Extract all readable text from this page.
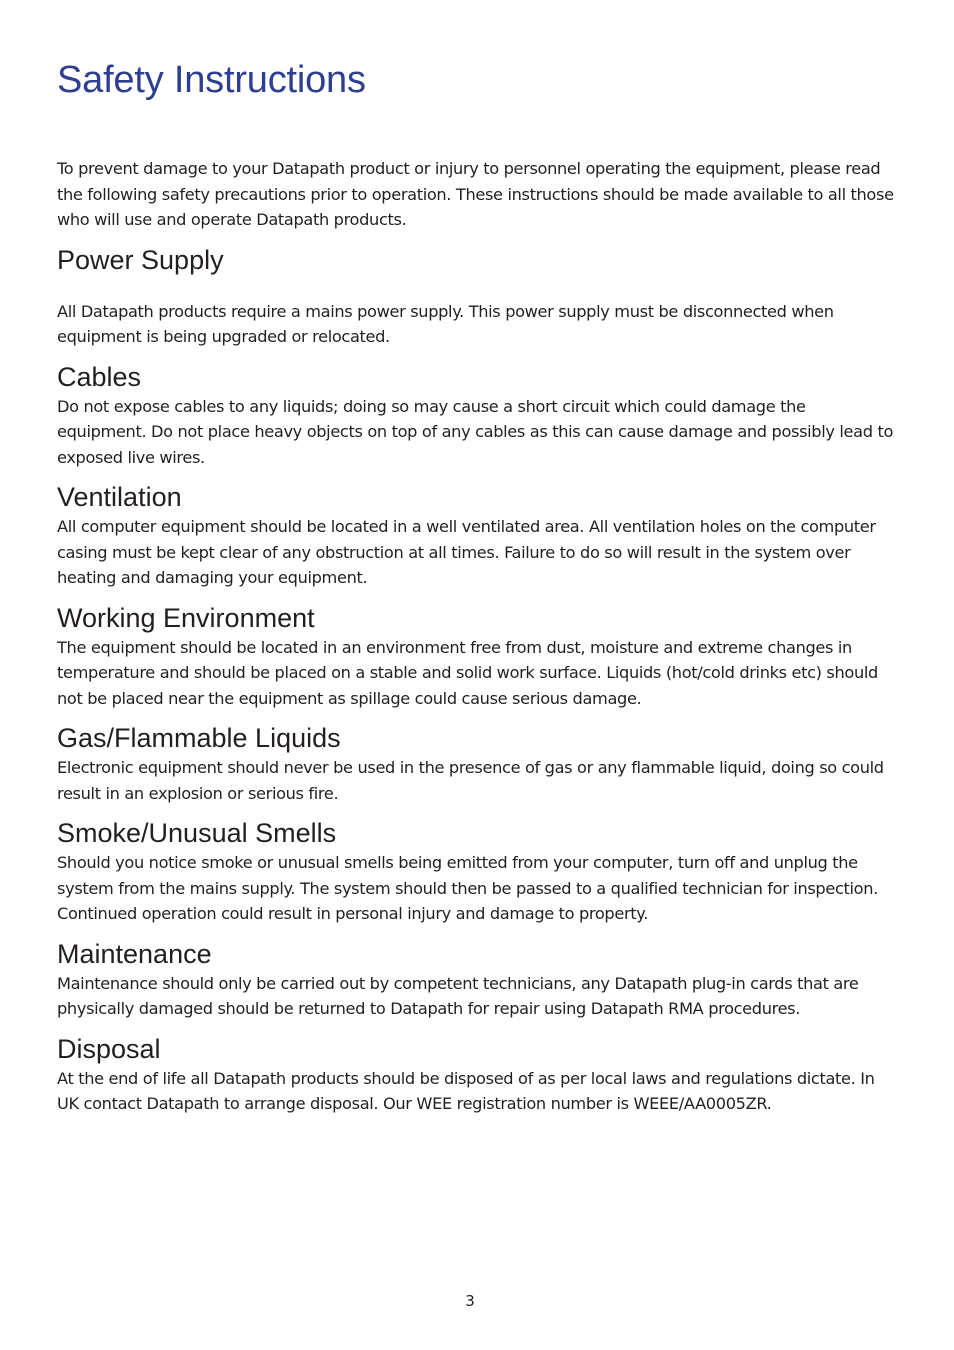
Safety Instructions

To prevent damage to your Datapath product or injury to personnel operating the equipment, please read the following safety precautions prior to operation. These instructions should be made available to all those who will use and operate Datapath products.

Power Supply

All Datapath products require a mains power supply. This power supply must be disconnected when equipment is being upgraded or relocated.

Cables

Do not expose cables to any liquids; doing so may cause a short circuit which could damage the equipment. Do not place heavy objects on top of any cables as this can cause damage and possibly lead to exposed live wires.

Ventilation

All computer equipment should be located in a well ventilated area. All ventilation holes on the computer casing must be kept clear of any obstruction at all times. Failure to do so will result in the system over heating and damaging your equipment.

Working Environment

The equipment should be located in an environment free from dust, moisture and extreme changes in temperature and should be placed on a stable and solid work surface. Liquids (hot/cold drinks etc) should not be placed near the equipment as spillage could cause serious damage.

Gas/Flammable Liquids

Electronic equipment should never be used in the presence of gas or any flammable liquid, doing so could result in an explosion or serious fire.

Smoke/Unusual Smells

Should you notice smoke or unusual smells being emitted from your computer, turn off and unplug the system from the mains supply. The system should then be passed to a qualified technician for inspection. Continued operation could result in personal injury and damage to property.

Maintenance

Maintenance should only be carried out by competent technicians, any Datapath plug-in cards that are physically damaged should be returned to Datapath for repair using Datapath RMA procedures.

Disposal

At the end of life all Datapath products should be disposed of as per local laws and regulations dictate. In UK contact Datapath to arrange disposal. Our WEE registration number is WEEE/AA0005ZR.

3
